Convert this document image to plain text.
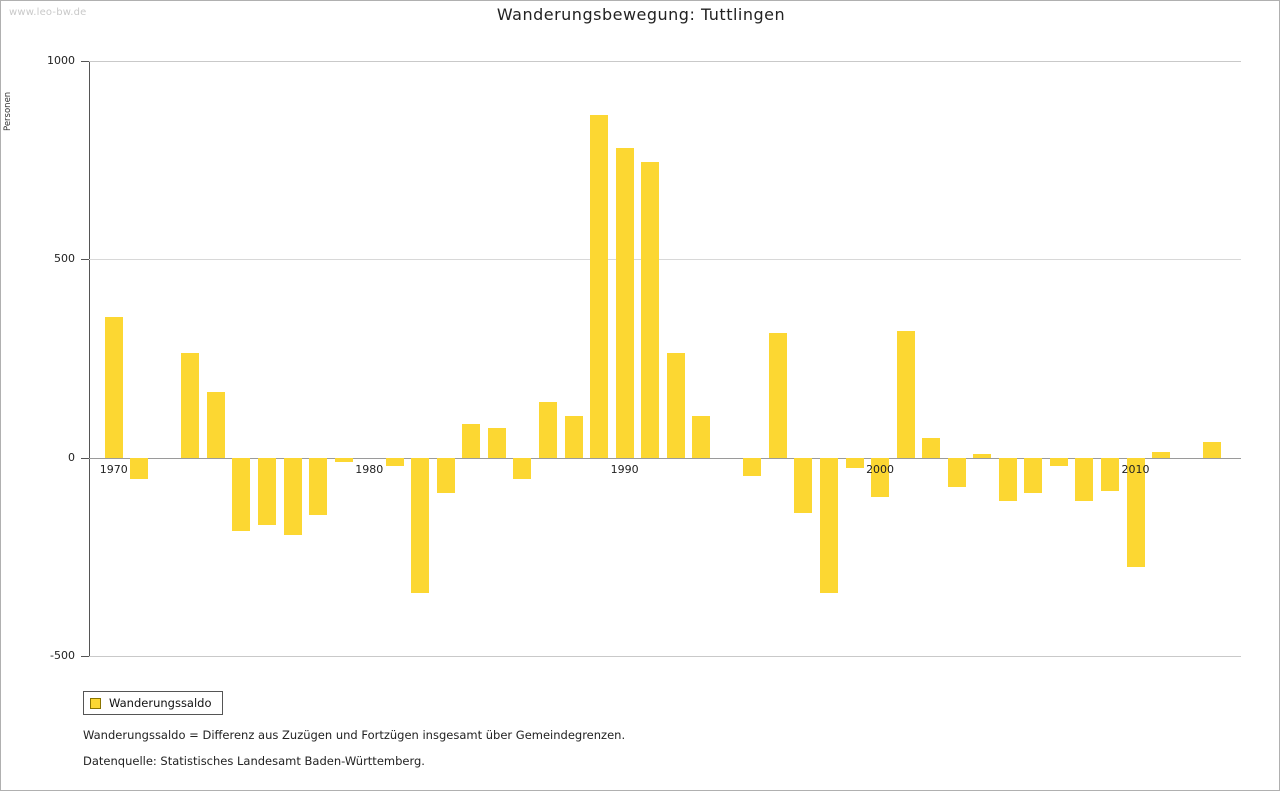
www.leo-bw.de	Wanderungsbewegung: Tuttlingen
Personen
1000
500
0
-500
1970	1980	1990	2000	2010
Wanderungssaldo
Wanderungssaldo = Differenz aus Zuzügen und Fortzügen insgesamt über Gemeindegrenzen.
Datenquelle: Statistisches Landesamt Baden-Württemberg.
